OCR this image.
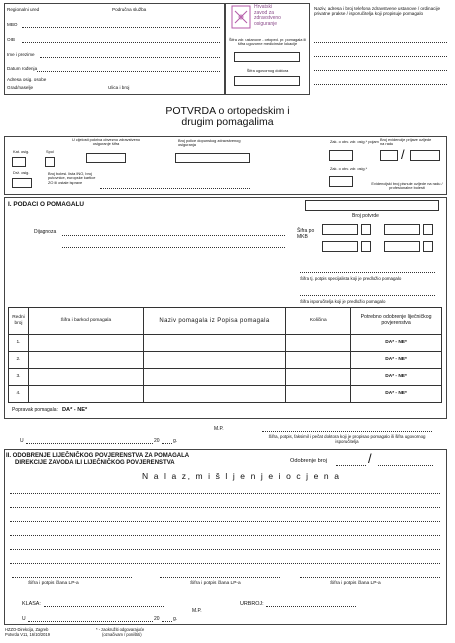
Regionalni ured	Područna služba
MBO
OIB
Ime i prezime
Datum rođenja
Adresa osig. osobe
Grad/naselje	Ulica i broj
Hrvatski
zavod za
zdravstveno
osiguranje
Šifra zdr. ustanove - ortoped. pr. pomagala ili šifra ugovorne medicinske lokacije
Šifra ugovornog doktora
Naziv, adresa i broj telefona zdravstvene ustanove / ordinacije privatne prakse / isporučitelja koji propisuje pomagalo
POTVRDA o ortopedskim i
drugim pomagalima
Kat. osig.	Spol
U cijelosti pokriva obvezno zdravstveno osiguranje šifra
Broj police dopunskog zdravstvenog osiguranja
Drž. osig.	Broj bolesi. lista INO, broj putovnice, europske kartice ZO ili ostale isprave
Broj evidencije prijave ozljede na radu
Zak. o obv. zdr. osig.* pojam
/
Zak. o obv. zdr. osig.*
Evidencijski broj pisnule ozljede na radu / profesionalne bolesti
I. PODACI O POMAGALU
Broj potvrde
Dijagnoza	Šifra po MKB
Šifra tj. potpis specijalista koji je predložio pomagalo
Šifra isporučitelja koji je predložio pomagalo
Redni broj	Šifra i barkod pomagala	Naziv pomagala iz Popisa pomagala	Količina	Potrebno odobrenje liječničkog povjerenstva
1.				DA* - NE*
2.				DA* - NE*
3.				DA* - NE*
4.				DA* - NE*
Popravak pomagala: DA* - NE*
M.P.
U	20	g.
Šifra, potpis, faksimil i pečat doktora koji je propisao pomagalo ili šifra ugovornog isporučitelja
II. ODOBRENJE LIJEČNIČKOG POVJERENSTVA ZA POMAGALA
DIREKCIJE ZAVODA ILI LIJEČNIČKOG POVJERENSTVA	Odobrenje broj	/
N a l a z, m i š l j e n j e i o c j e n a
Šifra i potpis člana LP-a	Šifra i potpis člana LP-a	Šifra i potpis člana LP-a
KLASA:	URBROJ:
M.P.
U	20	g.
HZZO-Direkcija, Zagreb
Potvrda V11, 16/10/2019
* - zaokružiti odgovarajuće
(označivam / poništiti)
